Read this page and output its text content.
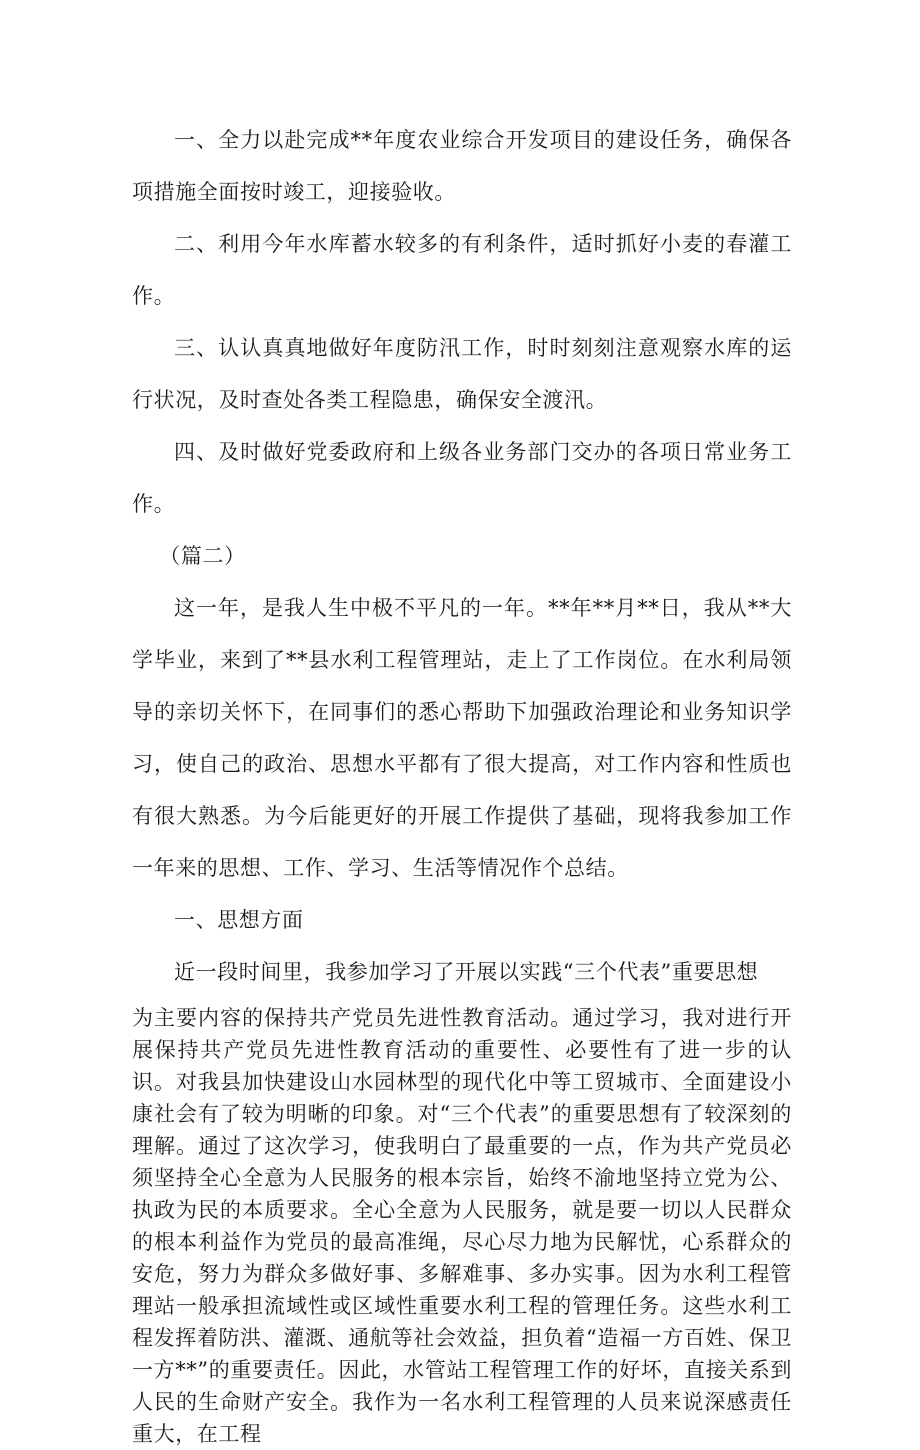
一、全力以赴完成**年度农业综合开发项目的建设任务，确保各项措施全面按时竣工，迎接验收。

二、利用今年水库蓄水较多的有利条件，适时抓好小麦的春灌工作。

三、认认真真地做好年度防汛工作，时时刻刻注意观察水库的运行状况，及时查处各类工程隐患，确保安全渡汛。

四、及时做好党委政府和上级各业务部门交办的各项日常业务工作。

（篇二）

这一年，是我人生中极不平凡的一年。**年**月**日，我从**大学毕业，来到了**县水利工程管理站，走上了工作岗位。在水利局领导的亲切关怀下，在同事们的悉心帮助下加强政治理论和业务知识学习，使自己的政治、思想水平都有了很大提高，对工作内容和性质也有很大熟悉。为今后能更好的开展工作提供了基础，现将我参加工作一年来的思想、工作、学习、生活等情况作个总结。

一、思想方面

近一段时间里，我参加学习了开展以实践“三个代表”重要思想

为主要内容的保持共产党员先进性教育活动。通过学习，我对进行开展保持共产党员先进性教育活动的重要性、必要性有了进一步的认识。对我县加快建设山水园林型的现代化中等工贸城市、全面建设小康社会有了较为明晰的印象。对“三个代表”的重要思想有了较深刻的理解。通过了这次学习，使我明白了最重要的一点，作为共产党员必须坚持全心全意为人民服务的根本宗旨，始终不渝地坚持立党为公、执政为民的本质要求。全心全意为人民服务，就是要一切以人民群众的根本利益作为党员的最高准绳，尽心尽力地为民解忧，心系群众的安危，努力为群众多做好事、多解难事、多办实事。因为水利工程管理站一般承担流域性或区域性重要水利工程的管理任务。这些水利工程发挥着防洪、灌溉、通航等社会效益，担负着“造福一方百姓、保卫一方**”的重要责任。因此，水管站工程管理工作的好坏，直接关系到人民的生命财产安全。我作为一名水利工程管理的人员来说深感责任重大，在工程
